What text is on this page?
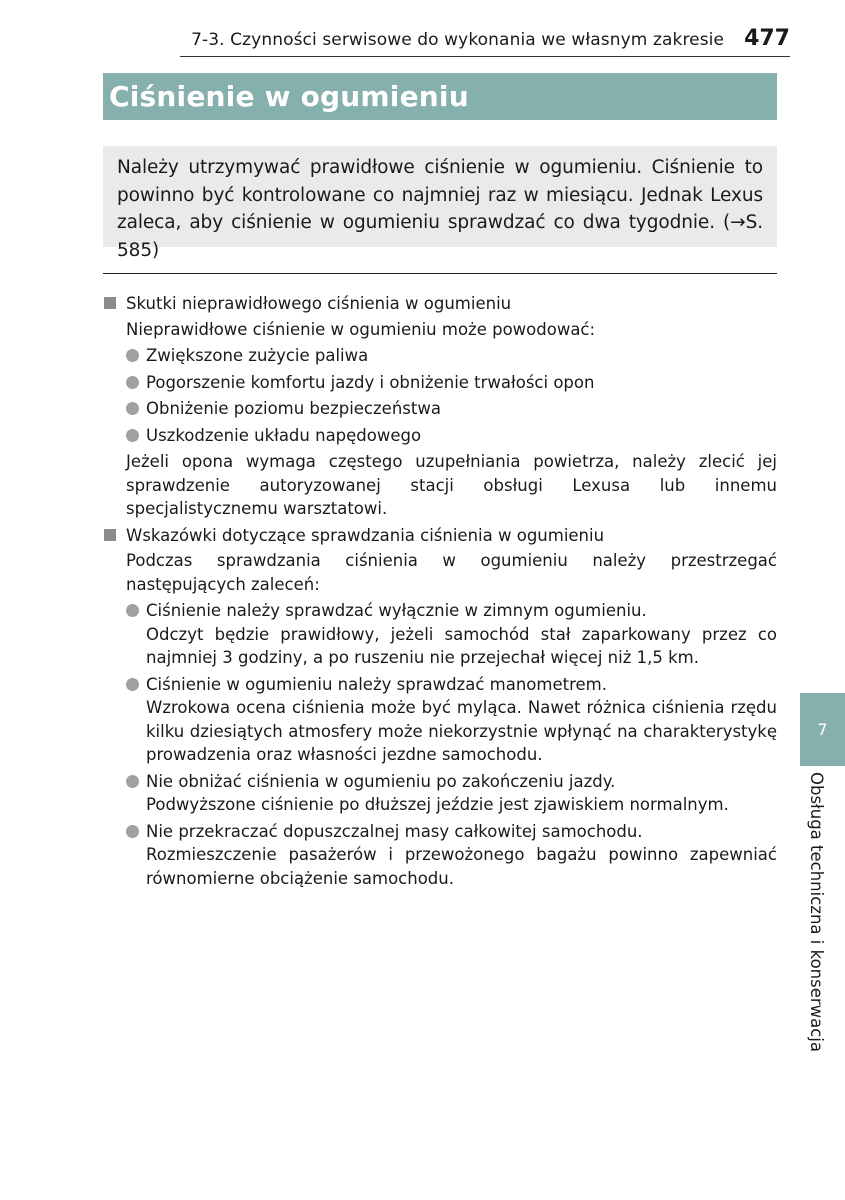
7-3. Czynności serwisowe do wykonania we własnym zakresie 477
Ciśnienie w ogumieniu

Należy utrzymywać prawidłowe ciśnienie w ogumieniu. Ciśnienie to powinno być kontrolowane co najmniej raz w miesiącu. Jednak Lexus zaleca, aby ciśnienie w ogumieniu sprawdzać co dwa tygodnie. (→S. 585)

Skutki nieprawidłowego ciśnienia w ogumieniu
Nieprawidłowe ciśnienie w ogumieniu może powodować:
Zwiększone zużycie paliwa
Pogorszenie komfortu jazdy i obniżenie trwałości opon
Obniżenie poziomu bezpieczeństwa
Uszkodzenie układu napędowego
Jeżeli opona wymaga częstego uzupełniania powietrza, należy zlecić jej sprawdzenie autoryzowanej stacji obsługi Lexusa lub innemu specjalistycznemu warsztatowi.
Wskazówki dotyczące sprawdzania ciśnienia w ogumieniu
Podczas sprawdzania ciśnienia w ogumieniu należy przestrzegać następujących zaleceń:
Ciśnienie należy sprawdzać wyłącznie w zimnym ogumieniu.
Odczyt będzie prawidłowy, jeżeli samochód stał zaparkowany przez co najmniej 3 godziny, a po ruszeniu nie przejechał więcej niż 1,5 km.
Ciśnienie w ogumieniu należy sprawdzać manometrem.
Wzrokowa ocena ciśnienia może być myląca. Nawet różnica ciśnienia rzędu kilku dziesiątych atmosfery może niekorzystnie wpłynąć na charakterystykę prowadzenia oraz własności jezdne samochodu.
Nie obniżać ciśnienia w ogumieniu po zakończeniu jazdy.
Podwyższone ciśnienie po dłuższej jeździe jest zjawiskiem normalnym.
Nie przekraczać dopuszczalnej masy całkowitej samochodu.
Rozmieszczenie pasażerów i przewożonego bagażu powinno zapewniać równomierne obciążenie samochodu.
7
Obsługa techniczna i konserwacja
